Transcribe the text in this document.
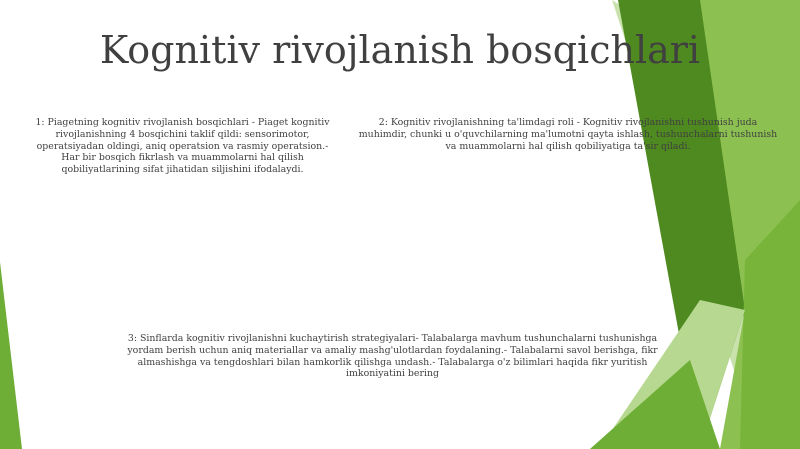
Kognitiv rivojlanish bosqichlari
1: Piagetning kognitiv rivojlanish bosqichlari - Piaget kognitiv rivojlanishning 4 bosqichini taklif qildi: sensorimotor, operatsiyadan oldingi, aniq operatsion va rasmiy operatsion.- Har bir bosqich fikrlash va muammolarni hal qilish qobiliyatlarining sifat jihatidan siljishini ifodalaydi.
2: Kognitiv rivojlanishning ta'limdagi roli - Kognitiv rivojlanishni tushunish juda muhimdir, chunki u o'quvchilarning ma'lumotni qayta ishlash, tushunchalarni tushunish va muammolarni hal qilish qobiliyatiga ta'sir qiladi.
3: Sinflarda kognitiv rivojlanishni kuchaytirish strategiyalari- Talabalarga mavhum tushunchalarni tushunishga yordam berish uchun aniq materiallar va amaliy mashg'ulotlardan foydalaning.- Talabalarni savol berishga, fikr almashishga va tengdoshlari bilan hamkorlik qilishga undash.- Talabalarga o'z bilimlari haqida fikr yuritish imkoniyatini bering
